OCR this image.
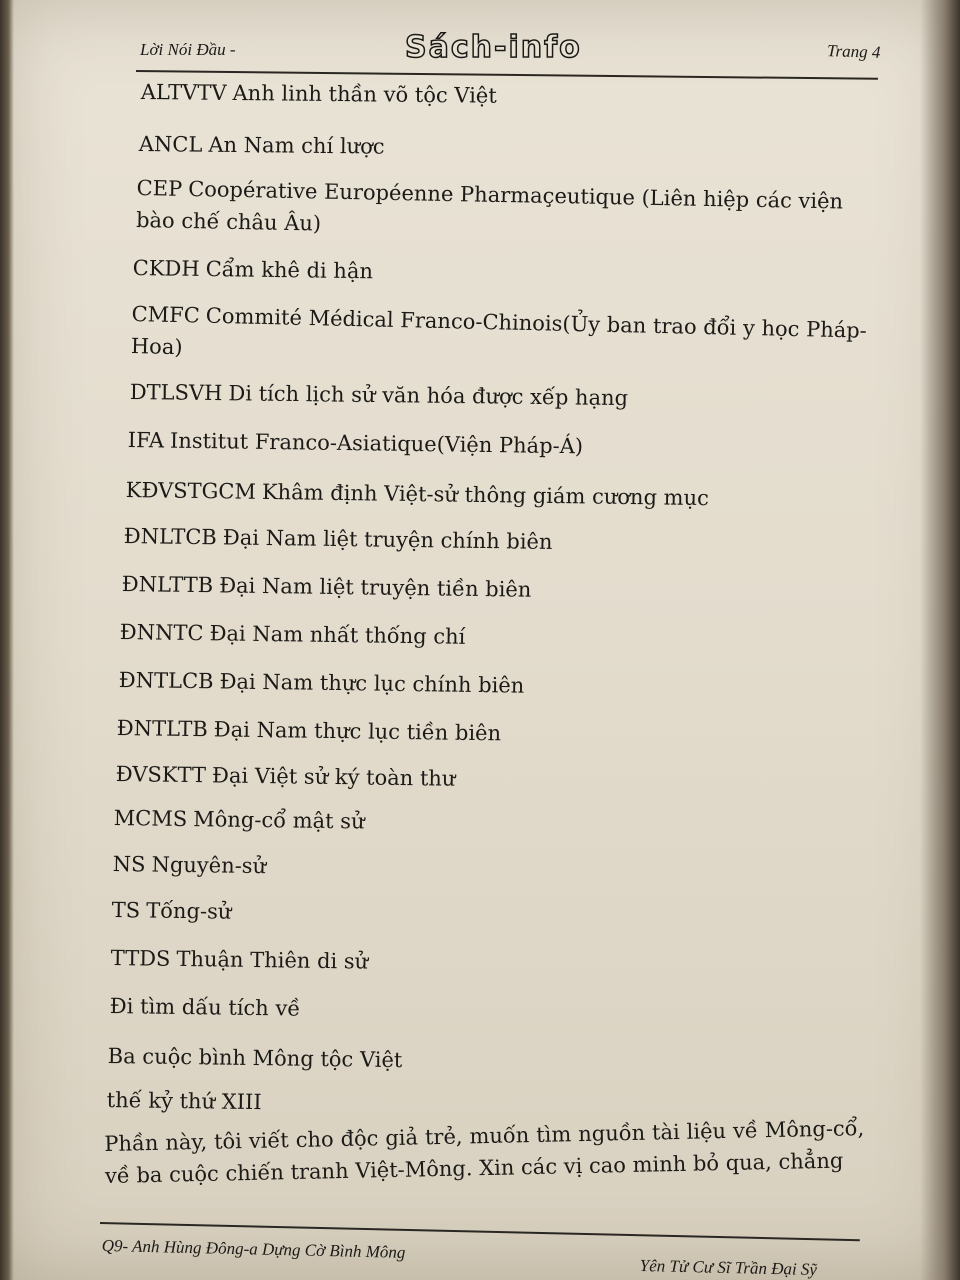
Lời Nói Đầu -	Sách-info	Trang 4
ALTVTV Anh linh thần võ tộc Việt
ANCL An Nam chí lược
CEP Coopérative Européenne Pharmaçeutique (Liên hiệp các viện bào chế châu Âu)
CKDH Cẩm khê di hận
CMFC Commité Médical Franco-Chinois(Ủy ban trao đổi y học Pháp-Hoa)
DTLSVH Di tích lịch sử văn hóa được xếp hạng
IFA Institut Franco-Asiatique(Viện Pháp-Á)
KĐVSTGCM Khâm định Việt-sử thông giám cương mục
ĐNLTCB Đại Nam liệt truyện chính biên
ĐNLTTB Đại Nam liệt truyện tiền biên
ĐNNTC Đại Nam nhất thống chí
ĐNTLCB Đại Nam thực lục chính biên
ĐNTLTB Đại Nam thực lục tiền biên
ĐVSKTT Đại Việt sử ký toàn thư
MCMS Mông-cổ mật sử
NS Nguyên-sử
TS Tống-sử
TTDS Thuận Thiên di sử
Đi tìm dấu tích về
Ba cuộc bình Mông tộc Việt
thế kỷ thứ XIII
Phần này, tôi viết cho độc giả trẻ, muốn tìm nguồn tài liệu về Mông-cổ, về ba cuộc chiến tranh Việt-Mông. Xin các vị cao minh bỏ qua, chẳng
Q9- Anh Hùng Đông-a Dựng Cờ Bình Mông
Yên Tử Cư Sĩ Trần Đại Sỹ
